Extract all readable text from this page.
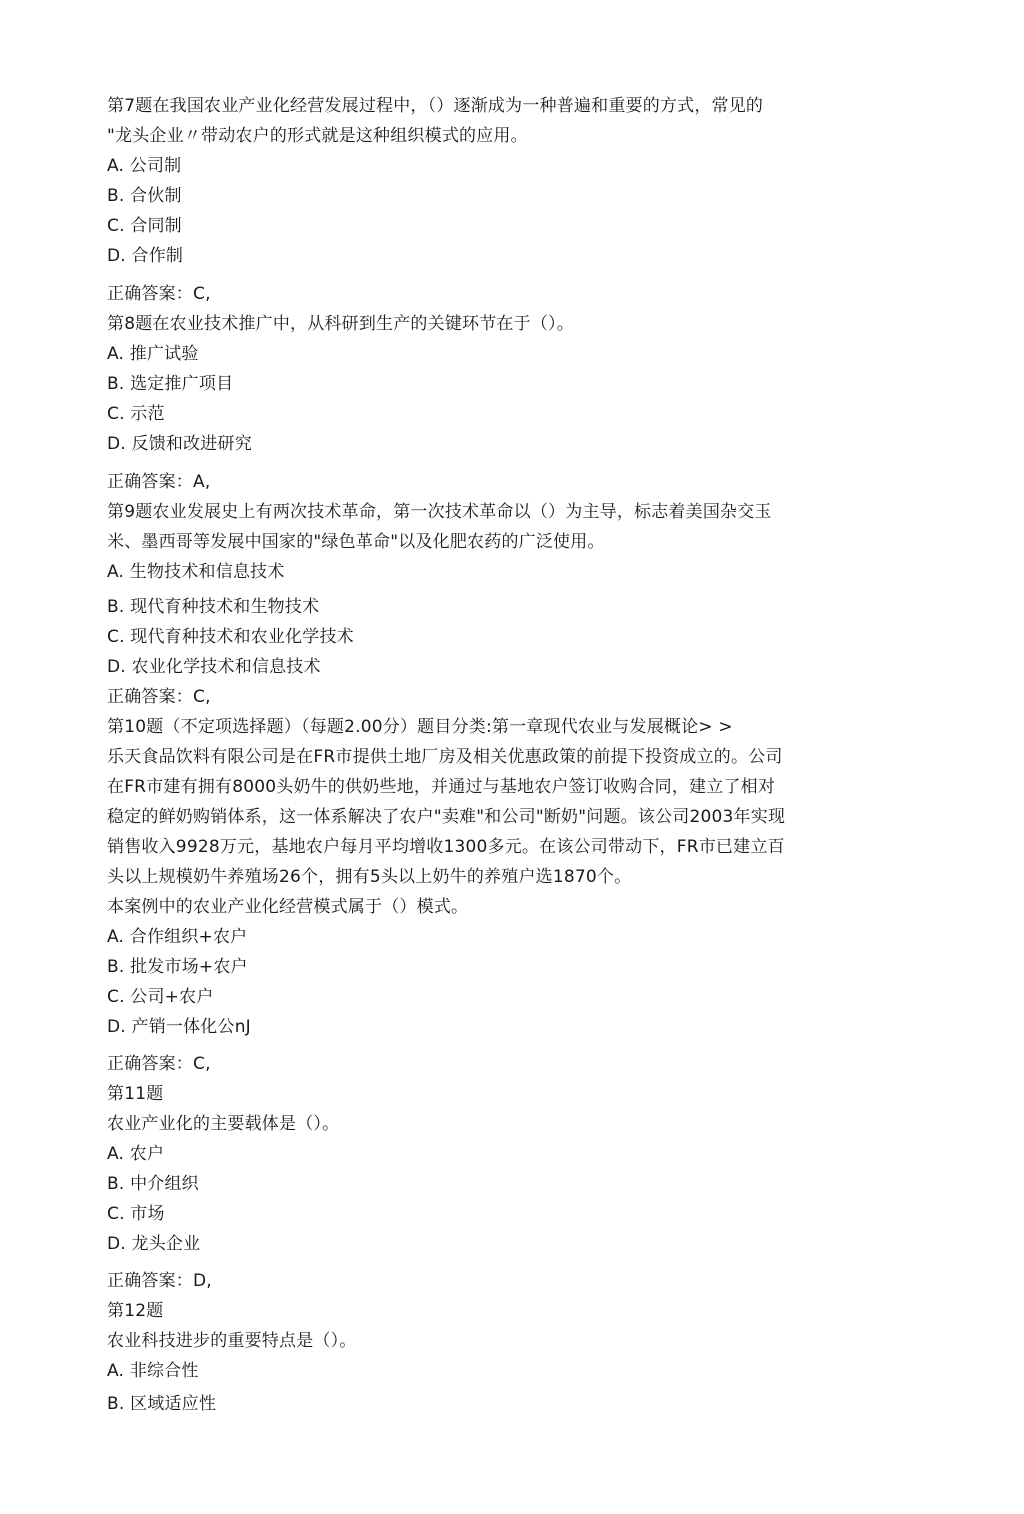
第7题在我国农业产业化经营发展过程中，（）逐渐成为一种普遍和重要的方式，常见的
"龙头企业〃带动农户的形式就是这种组织模式的应用。
A. 公司制
B. 合伙制
C. 合同制
D. 合作制
正确答案：C,
第8题在农业技术推广中，从科研到生产的关键环节在于（）。
A. 推广试验
B. 选定推广项目
C. 示范
D. 反馈和改进研究
正确答案：A,
第9题农业发展史上有两次技术革命，第一次技术革命以（）为主导，标志着美国杂交玉
米、墨西哥等发展中国家的"绿色革命"以及化肥农药的广泛使用。
A. 生物技术和信息技术
B. 现代育种技术和生物技术
C. 现代育种技术和农业化学技术
D. 农业化学技术和信息技术
正确答案：C,
第10题（不定项选择题）（每题2.00分）题目分类:第一章现代农业与发展概论> >
乐天食品饮料有限公司是在FR市提供土地厂房及相关优惠政策的前提下投资成立的。公司
在FR市建有拥有8000头奶牛的供奶些地，并通过与基地农户签订收购合同，建立了相对
稳定的鲜奶购销体系，这一体系解决了农户"卖难"和公司"断奶"问题。该公司2003年实现
销售收入9928万元，基地农户每月平均增收1300多元。在该公司带动下，FR市已建立百
头以上规模奶牛养殖场26个，拥有5头以上奶牛的养殖户选1870个。
本案例中的农业产业化经营模式属于（）模式。
A. 合作组织+农户
B. 批发市场+农户
C. 公司+农户
D. 产销一体化公nJ
正确答案：C,
第11题
农业产业化的主要载体是（）。
A. 农户
B. 中介组织
C. 市场
D. 龙头企业
正确答案：D,
第12题
农业科技进步的重要特点是（）。
A. 非综合性
B. 区域适应性
